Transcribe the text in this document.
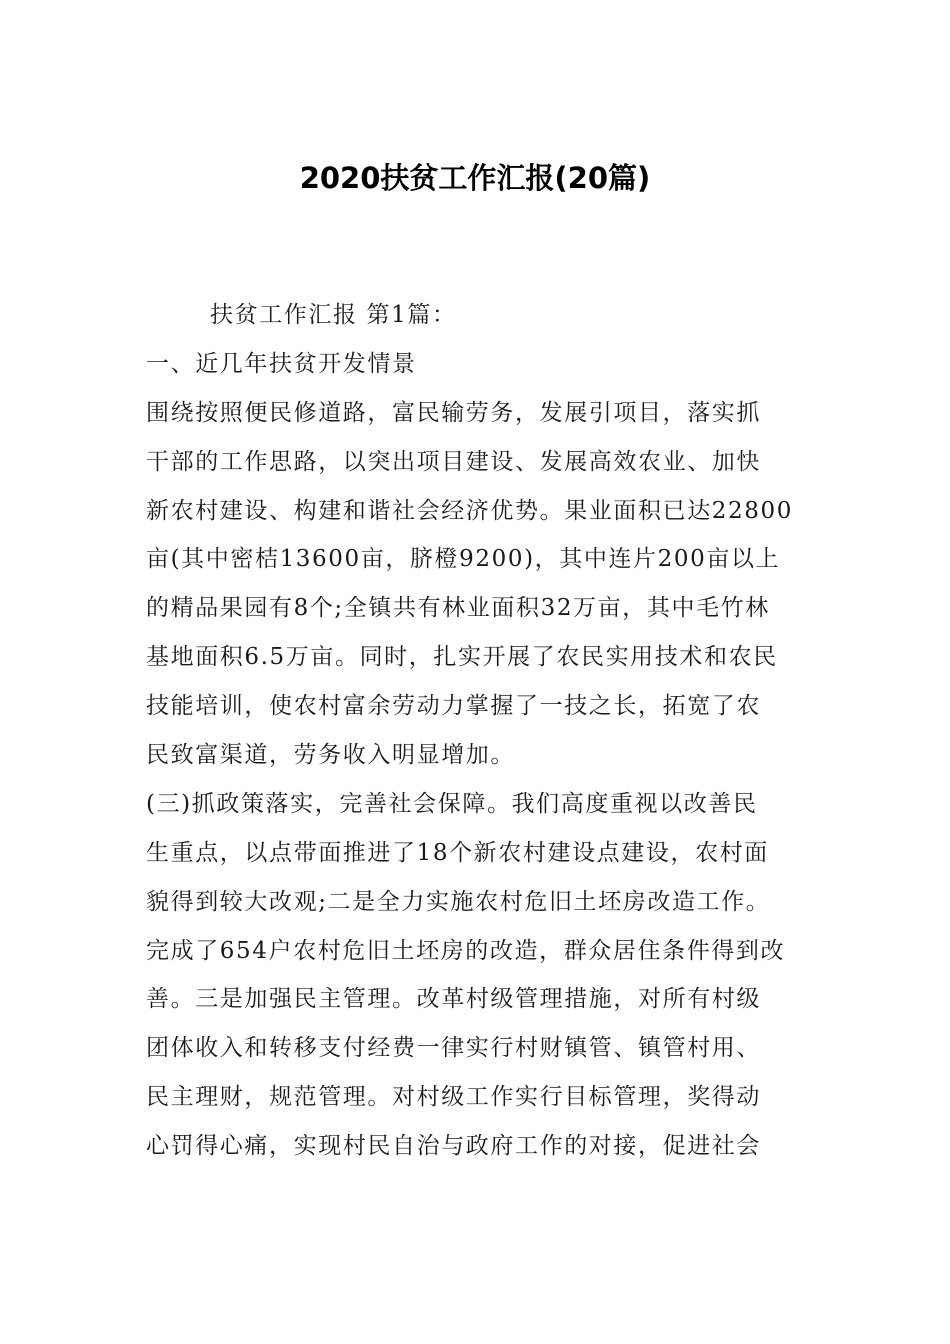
2020扶贫工作汇报(20篇)
扶贫工作汇报 第1篇：
一、近几年扶贫开发情景
围绕按照便民修道路，富民输劳务，发展引项目，落实抓
干部的工作思路，以突出项目建设、发展高效农业、加快
新农村建设、构建和谐社会经济优势。果业面积已达22800
亩(其中密桔13600亩，脐橙9200)，其中连片200亩以上
的精品果园有8个;全镇共有林业面积32万亩，其中毛竹林
基地面积6.5万亩。同时，扎实开展了农民实用技术和农民
技能培训，使农村富余劳动力掌握了一技之长，拓宽了农
民致富渠道，劳务收入明显增加。
(三)抓政策落实，完善社会保障。我们高度重视以改善民
生重点，以点带面推进了18个新农村建设点建设，农村面
貌得到较大改观;二是全力实施农村危旧土坯房改造工作。
完成了654户农村危旧土坯房的改造，群众居住条件得到改
善。三是加强民主管理。改革村级管理措施，对所有村级
团体收入和转移支付经费一律实行村财镇管、镇管村用、
民主理财，规范管理。对村级工作实行目标管理，奖得动
心罚得心痛，实现村民自治与政府工作的对接，促进社会
